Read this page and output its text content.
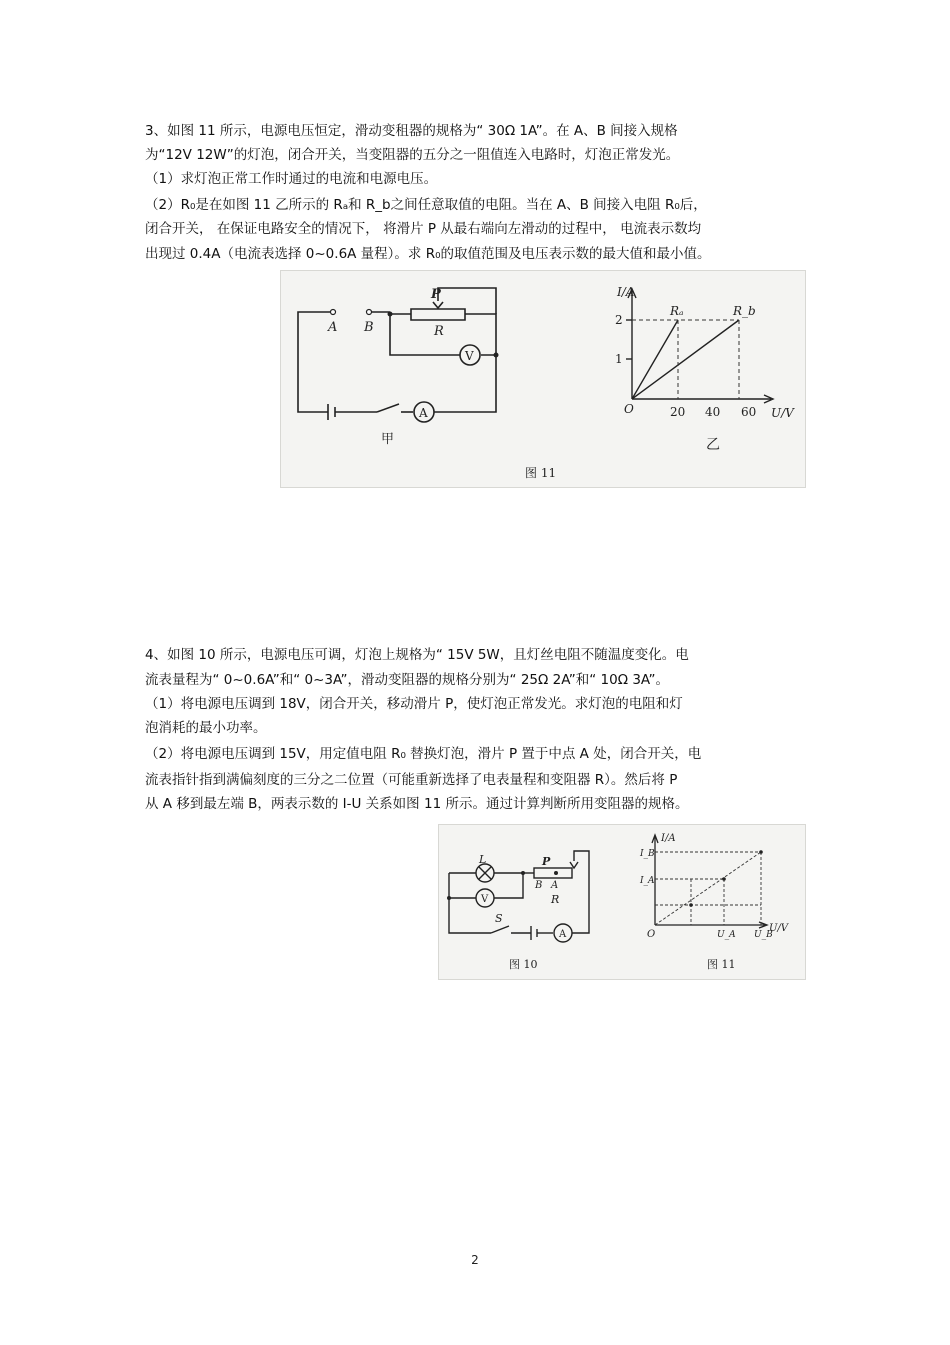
3、如图 11 所示，电源电压恒定，滑动变租器的规格为“ 30Ω 1A”。在 A、B 间接入规格
为“12V 12W”的灯泡，闭合开关，当变阻器的五分之一阻值连入电路时，灯泡正常发光。
（1）求灯泡正常工作时通过的电流和电源电压。
（2）R₀是在如图 11 乙所示的 Rₐ和 R_b之间任意取值的电阻。当在 A、B 间接入电阻 R₀后，
闭合开关， 在保证电路安全的情况下， 将滑片 P 从最右端向左滑动的过程中， 电流表示数均
出现过 0.4A（电流表选择 0~0.6A 量程）。求 R₀的取值范围及电压表示数的最大值和最小值。
P
A B	R
V
A
甲
I/A
U/V
O
1
2
20 40 60
Rₐ	R_b
乙
图 11
4、如图 10 所示，电源电压可调，灯泡上规格为“ 15V 5W，且灯丝电阻不随温度变化。电
流表量程为“ 0~0.6A”和“ 0~3A”，滑动变阻器的规格分别为“ 25Ω 2A”和“ 10Ω 3A”。
（1）将电源电压调到 18V，闭合开关，移动滑片 P，使灯泡正常发光。求灯泡的电阻和灯
泡消耗的最小功率。
（2）将电源电压调到 15V，用定值电阻 R₀ 替换灯泡，滑片 P 置于中点 A 处，闭合开关，电
流表指针指到满偏刻度的三分之二位置（可能重新选择了电表量程和变阻器 R）。然后将 P
从 A 移到最左端 B，两表示数的 I-U 关系如图 11 所示。通过计算判断所用变阻器的规格。
L
V
P
B A
R
S
A
图 10
I/A
U/V
O
I_B
I_A
U_A U_B
图 11
2
